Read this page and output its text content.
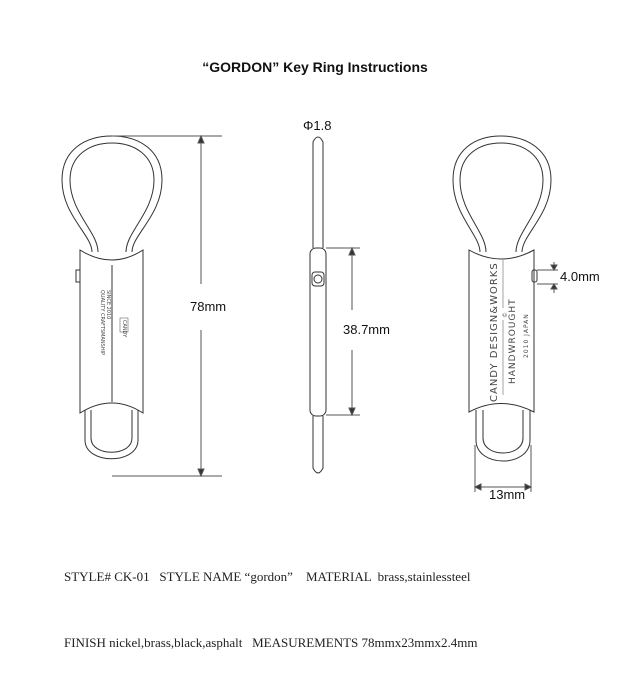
“GORDON” Key Ring Instructions
78mm
Φ1.8
38.7mm
4.0mm
13mm
QUALITY CRAFTSMANSHIP SINCE 2010
CANDY	CANDY DESIGN&WORKS © HANDWROUGHT 2010 JAPAN

STYLE# CK-01 STYLE NAME “gordon” MATERIAL  brass,stainlessteel

FINISH nickel,brass,black,asphalt MEASUREMENTS 78mmx23mmx2.4mm
